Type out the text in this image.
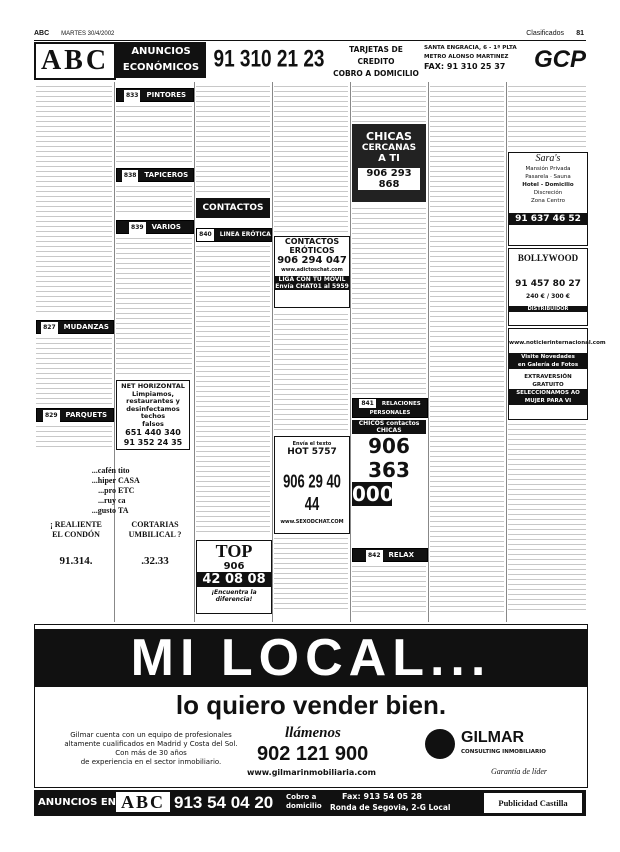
ABC MARTES 30/4/2002	Clasificados 81
ABC	ANUNCIOS
ECONÓMICOS 91 310 21 23	TARJETAS DE CREDITO
COBRO A DOMICILIO
SANTA ENGRACIA, 6 - 1ª PLTA
METRO ALONSO MARTINEZ
FAX: 91 310 25 37	GCP
827 MUDANZAS
829 PARQUETS
...cafén
...hiper
...pro
...ruy
...gusto
¡ REALIENTE
EL CONDÓN
91.314.
tito
CASA
ETC
ca
TA
CORTARIAS
UMBILICAL ?
.32.33
833 PINTORES
838 TAPICEROS
839 VARIOS
NET HORIZONTAL
Limpiamos,
restaurantes y
desinfectamos
techos
falsos
651 440 340
91 352 24 35
CONTACTOS
840 LINEA ERÓTICA
TOP
906
42 08 08
¡Encuentra la diferencia!
CONTACTOS
ERÓTICOS
906 294 047
www.adictoschat.com
LIGA CON TU MÓVIL
Envía CHAT01 al 5959
Envía el texto
HOT 5757
906 29 40 44
www.SEXODCHAT.COM
CHICAS
CERCANAS
A TI
906 293 868
841 RELACIONES PERSONALES
CHICOS contactos CHICAS
906
363
000
842 RELAX
Sara's
Mansión Privada
Pasarela · Sauna
Hotel - Domicilio
Discreción
Zona Centro
91 637 46 52
BOLLYWOOD
91 457 80 27
240 € / 300 €
DISTRIBUIDOR
www.noticierinternacional.com
Visite Novedades
en Galería de Fotos
EXTRAVERSIÓN GRATUITO
SELECCIONAMOS AO
MUJER PARA VI
MI LOCAL...
lo quiero vender bien.
Gilmar cuenta con un equipo de profesionales
altamente cualificados en Madrid y Costa del Sol.
Con más de 30 años
de experiencia en el sector inmobiliario.
llámenos
902 121 900
www.gilmarinmobiliaria.com
GILMAR
CONSULTING INMOBILIARIO
Garantía de líder
ANUNCIOS EN ABC 913 54 04 20 Cobro a
domicilio
Fax: 913 54 05 28
Ronda de Segovia, 2-G Local	Publicidad Castilla
